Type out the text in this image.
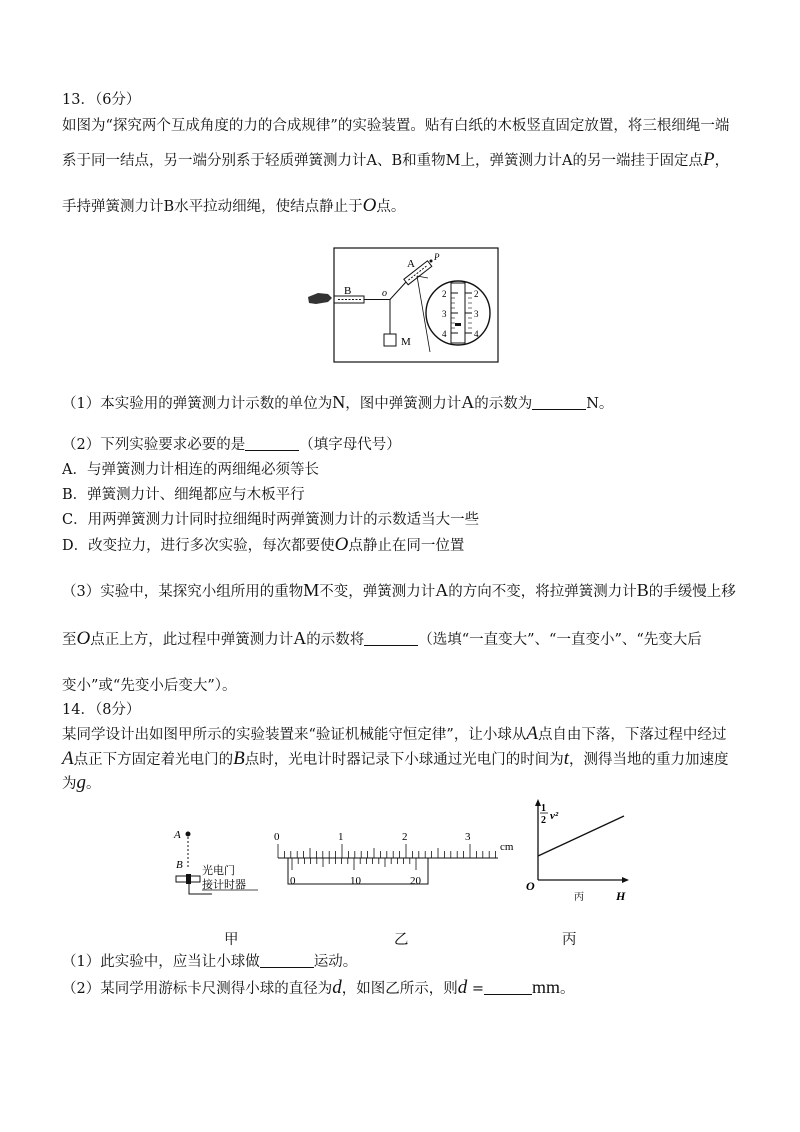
13．（6分）
如图为“探究两个互成角度的力的合成规律”的实验装置。贴有白纸的木板竖直固定放置，将三根细绳一端
系于同一结点，另一端分别系于轻质弹簧测力计A、B和重物M上，弹簧测力计A的另一端挂于固定点P，
手持弹簧测力计B水平拉动细绳，使结点静止于O点。
B	o
A
P
M
2
3
4
2
3
4
（1）本实验用的弹簧测力计示数的单位为N，图中弹簧测力计A的示数为	N。
（2）下列实验要求必要的是	（填字母代号）
A．与弹簧测力计相连的两细绳必须等长
B．弹簧测力计、细绳都应与木板平行
C．用两弹簧测力计同时拉细绳时两弹簧测力计的示数适当大一些
D．改变拉力，进行多次实验，每次都要使O点静止在同一位置
（3）实验中，某探究小组所用的重物M不变，弹簧测力计A的方向不变，将拉弹簧测力计B的手缓慢上移
至O点正上方，此过程中弹簧测力计A的示数将	（选填“一直变大”、“一直变小”、“先变大后
变小”或“先变小后变大”）。
14．（8分）
某同学设计出如图甲所示的实验装置来“验证机械能守恒定律”，让小球从A点自由下落，下落过程中经过
A点正下方固定着光电门的B点时，光电计时器记录下小球通过光电门的时间为t，测得当地的重力加速度
为g。
A
B 光电门
接计时器
0	1	2	3
cm
0	10	20
1
2 v²
O
丙	H
甲	乙	丙
（1）此实验中，应当让小球做	运动。
（2）某同学用游标卡尺测得小球的直径为d，如图乙所示，则d =	mm。
